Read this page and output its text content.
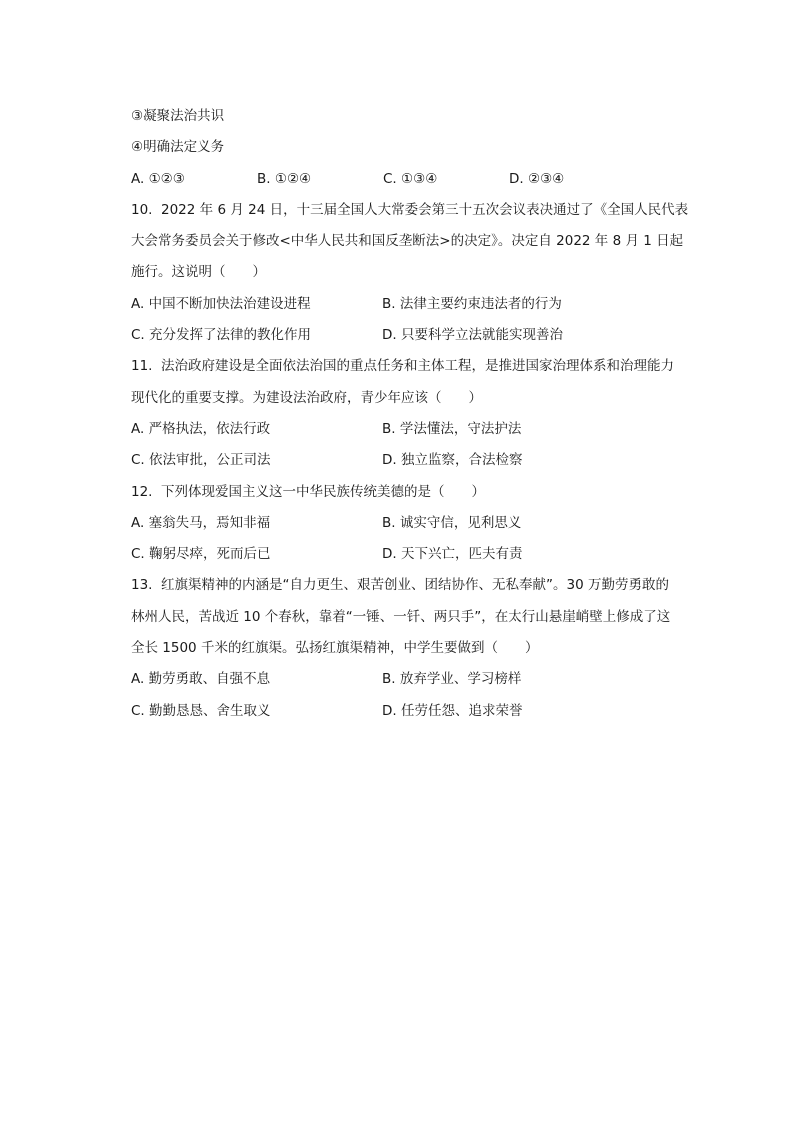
③凝聚法治共识
④明确法定义务
A. ①②③	B. ①②④	C. ①③④	D. ②③④
10. 2022 年 6 月 24 日，十三届全国人大常委会第三十五次会议表决通过了《全国人民代表
大会常务委员会关于修改<中华人民共和国反垄断法>的决定》。决定自 2022 年 8 月 1 日起
施行。这说明（　　）
A. 中国不断加快法治建设进程	B. 法律主要约束违法者的行为
C. 充分发挥了法律的教化作用	D. 只要科学立法就能实现善治
11. 法治政府建设是全面依法治国的重点任务和主体工程，是推进国家治理体系和治理能力
现代化的重要支撑。为建设法治政府，青少年应该（　　）
A. 严格执法，依法行政	B. 学法懂法，守法护法
C. 依法审批，公正司法	D. 独立监察，合法检察
12. 下列体现爱国主义这一中华民族传统美德的是（　　）
A. 塞翁失马，焉知非福	B. 诚实守信，见利思义
C. 鞠躬尽瘁，死而后已	D. 天下兴亡，匹夫有责
13. 红旗渠精神的内涵是“自力更生、艰苦创业、团结协作、无私奉献”。30 万勤劳勇敢的
林州人民，苦战近 10 个春秋，靠着“一锤、一钎、两只手”，在太行山悬崖峭壁上修成了这
全长 1500 千米的红旗渠。弘扬红旗渠精神，中学生要做到（　　）
A. 勤劳勇敢、自强不息	B. 放弃学业、学习榜样
C. 勤勤恳恳、舍生取义	D. 任劳任怨、追求荣誉
